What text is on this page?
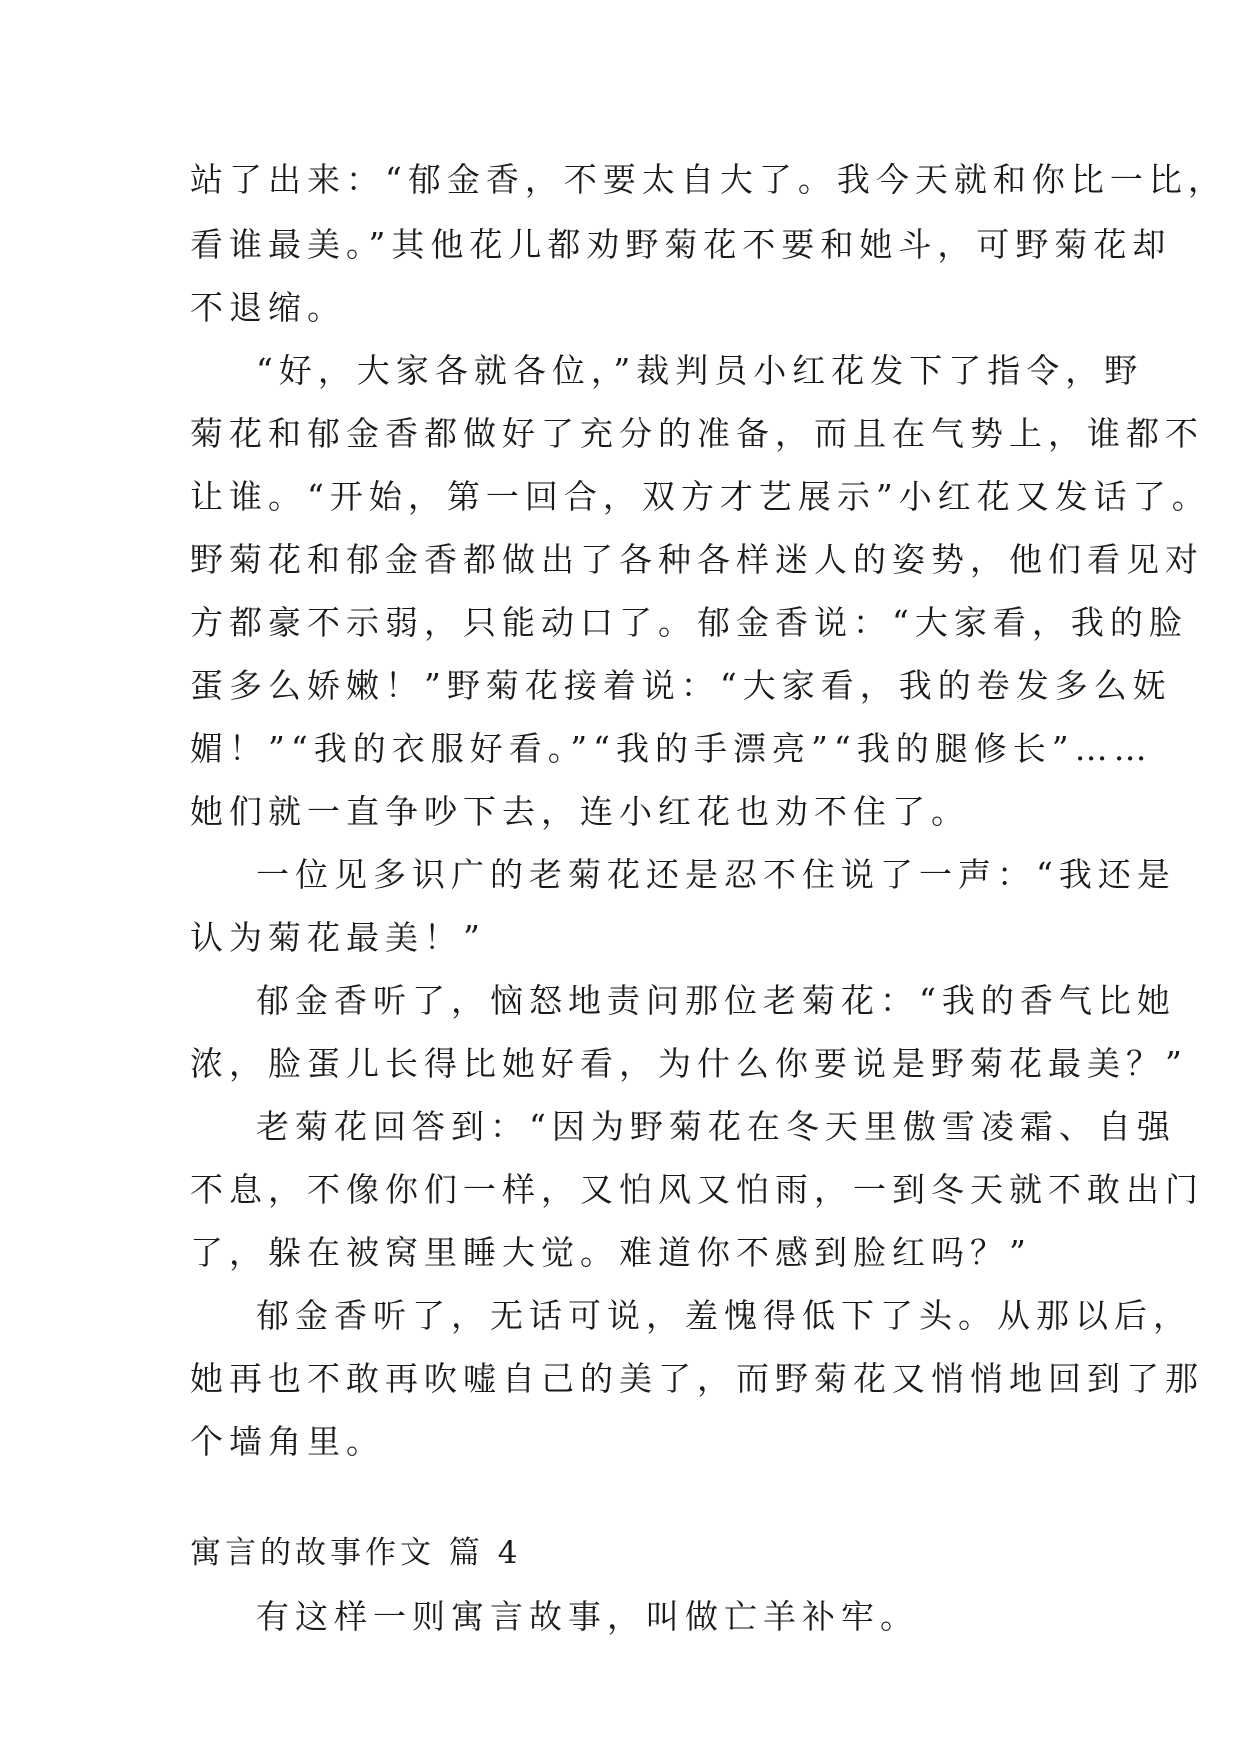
站了出来：“郁金香，不要太自大了。我今天就和你比一比，
看谁最美。”其他花儿都劝野菊花不要和她斗，可野菊花却
不退缩。
“好，大家各就各位，”裁判员小红花发下了指令，野
菊花和郁金香都做好了充分的准备，而且在气势上，谁都不
让谁。“开始，第一回合，双方才艺展示”小红花又发话了。
野菊花和郁金香都做出了各种各样迷人的姿势，他们看见对
方都豪不示弱，只能动口了。郁金香说：“大家看，我的脸
蛋多么娇嫩！”野菊花接着说：“大家看，我的卷发多么妩
媚！”“我的衣服好看。”“我的手漂亮”“我的腿修长”……
她们就一直争吵下去，连小红花也劝不住了。
一位见多识广的老菊花还是忍不住说了一声：“我还是
认为菊花最美！”
郁金香听了，恼怒地责问那位老菊花：“我的香气比她
浓，脸蛋儿长得比她好看，为什么你要说是野菊花最美？”
老菊花回答到：“因为野菊花在冬天里傲雪凌霜、自强
不息，不像你们一样，又怕风又怕雨，一到冬天就不敢出门
了，躲在被窝里睡大觉。难道你不感到脸红吗？”
郁金香听了，无话可说，羞愧得低下了头。从那以后，
她再也不敢再吹嘘自己的美了，而野菊花又悄悄地回到了那
个墙角里。
寓言的故事作文 篇 4
有这样一则寓言故事，叫做亡羊补牢。
